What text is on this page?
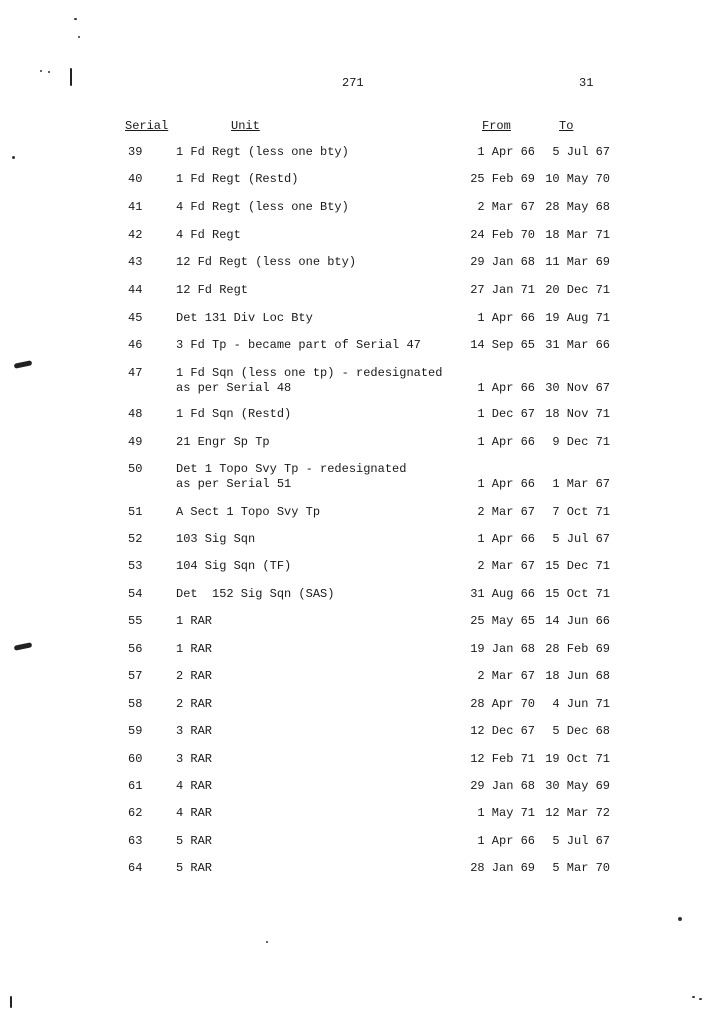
271	31
Serial	Unit	From	To
39	1 Fd Regt (less one bty)	1 Apr 66 5 Jul 67
40	1 Fd Regt (Restd)	25 Feb 69 10 May 70
41	4 Fd Regt (less one Bty)	2 Mar 67 28 May 68
42	4 Fd Regt	24 Feb 70 18 Mar 71
43	12 Fd Regt (less one bty)	29 Jan 68 11 Mar 69
44	12 Fd Regt	27 Jan 71 20 Dec 71
45	Det 131 Div Loc Bty	1 Apr 66 19 Aug 71
46	3 Fd Tp - became part of Serial 47	14 Sep 65 31 Mar 66
47	1 Fd Sqn (less one tp) - redesignated
as per Serial 48	1 Apr 66 30 Nov 67
48	1 Fd Sqn (Restd)	1 Dec 67 18 Nov 71
49	21 Engr Sp Tp	1 Apr 66 9 Dec 71
50	Det 1 Topo Svy Tp - redesignated
as per Serial 51	1 Apr 66 1 Mar 67
51	A Sect 1 Topo Svy Tp	2 Mar 67 7 Oct 71
52	103 Sig Sqn	1 Apr 66 5 Jul 67
53	104 Sig Sqn (TF)	2 Mar 67 15 Dec 71
54	Det  152 Sig Sqn (SAS)	31 Aug 66 15 Oct 71
55	1 RAR	25 May 65 14 Jun 66
56	1 RAR	19 Jan 68 28 Feb 69
57	2 RAR	2 Mar 67 18 Jun 68
58	2 RAR	28 Apr 70 4 Jun 71
59	3 RAR	12 Dec 67 5 Dec 68
60	3 RAR	12 Feb 71 19 Oct 71
61	4 RAR	29 Jan 68 30 May 69
62	4 RAR	1 May 71 12 Mar 72
63	5 RAR	1 Apr 66 5 Jul 67
64	5 RAR	28 Jan 69 5 Mar 70
